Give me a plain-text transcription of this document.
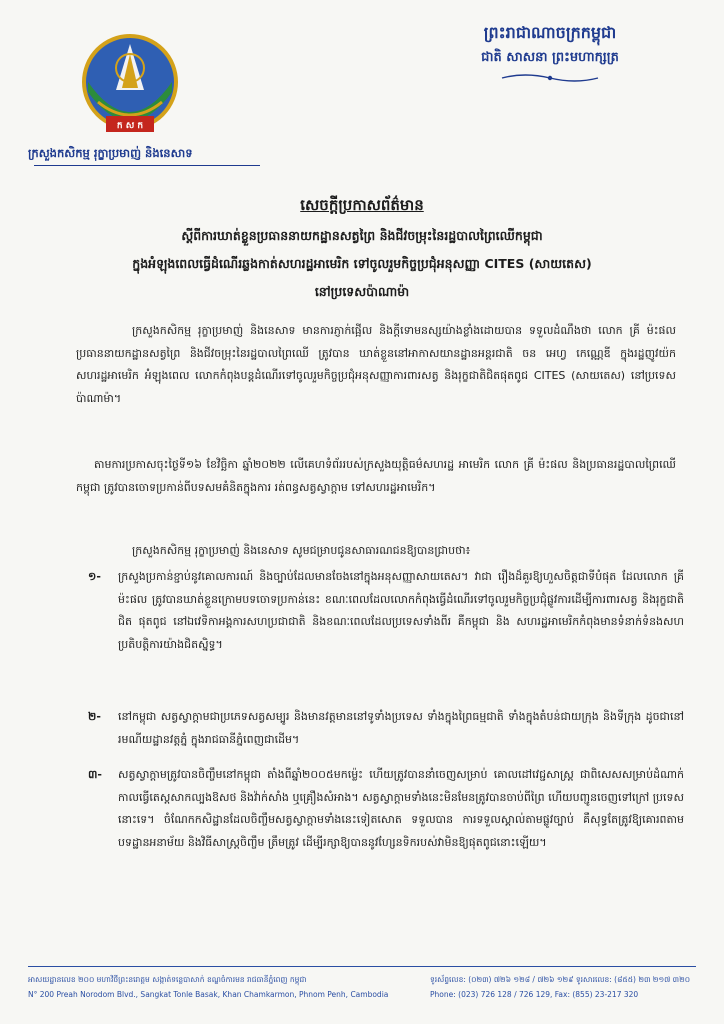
ក ស ក
ក្រសួងកសិកម្ម រុក្ខាប្រមាញ់ និងនេសាទ
ព្រះរាជាណាចក្រកម្ពុជា
ជាតិ សាសនា ព្រះមហាក្សត្រ
សេចក្តីប្រកាសព័ត៌មាន
ស្តីពីការឃាត់ខ្លួនប្រធាននាយកដ្ឋានសត្វព្រៃ និងជីវចម្រុះនៃរដ្ឋបាលព្រៃឈើកម្ពុជា
ក្នុងអំឡុងពេលធ្វើដំណើរឆ្លងកាត់សហរដ្ឋអាមេរិក ទៅចូលរួមកិច្ចប្រជុំអនុសញ្ញា CITES (សាយតេស)
នៅប្រទេសប៉ាណាម៉ា
ក្រសួងកសិកម្ម រុក្ខាប្រមាញ់ និងនេសាទ មានការភ្ញាក់ផ្អើល និងក្តីទោមនស្សយ៉ាងខ្លាំងដោយបាន ទទួលដំណឹងថា លោក គ្រី ម៉ះផល ប្រធាននាយកដ្ឋានសត្វព្រៃ និងជីវចម្រុះនៃរដ្ឋបាលព្រៃឈើ ត្រូវបាន ឃាត់ខ្លួននៅអាកាសយានដ្ឋានអន្តរជាតិ ចន អេហ្វ កេណ្ណេឌី ក្នុងរដ្ឋញូវយ៉ក សហរដ្ឋអាមេរិក អំឡុងពេល លោកកំពុងបន្តដំណើរទៅចូលរួមកិច្ចប្រជុំអនុសញ្ញាការពារសត្វ និងរុក្ខជាតិជិតផុតពូជ CITES (សាយតេស) នៅប្រទេសប៉ាណាម៉ា។
តាមការប្រកាសចុះថ្ងៃទី១៦ ខែវិច្ឆិកា ឆ្នាំ២០២២ លើគេហទំព័ររបស់ក្រសួងយុត្តិធម៌សហរដ្ឋ អាមេរិក លោក គ្រី ម៉ះផល និងប្រធានរដ្ឋបាលព្រៃឈើកម្ពុជា ត្រូវបានចោទប្រកាន់ពីបទសមគំនិតក្នុងការ រត់ពន្ធសត្វស្វាក្តាម ទៅសហរដ្ឋអាមេរិក។
ក្រសួងកសិកម្ម រុក្ខាប្រមាញ់ និងនេសាទ សូមជម្រាបជូនសាធារណជនឱ្យបានជ្រាបថា៖
១-	ក្រសួងប្រកាន់ខ្ជាប់នូវគោលការណ៍ និងច្បាប់ដែលមានចែងនៅក្នុងអនុសញ្ញាសាយតេស។ វាជា រឿងដ៏គួរឱ្យហួសចិត្តជាទីបំផុត ដែលលោក គ្រី ម៉ះផល ត្រូវបានឃាត់ខ្លួនក្រោមបទចោទប្រកាន់នេះ ខណៈពេលដែលលោកកំពុងធ្វើដំណើរទៅចូលរួមកិច្ចប្រជុំផ្លូវការដើម្បីការពារសត្វ និងរុក្ខជាតិជិត ផុតពូជ នៅឯវេទិកាអង្គការសហប្រជាជាតិ និងខណៈពេលដែលប្រទេសទាំងពីរ គឺកម្ពុជា និង សហរដ្ឋអាមេរិកកំពុងមានទំនាក់ទំនងសហប្រតិបត្តិការយ៉ាងជិតស្និទ្ធ។
២-	នៅកម្ពុជា សត្វស្វាក្តាមជាប្រភេទសត្វសម្បូរ និងមានវត្តមាននៅទូទាំងប្រទេស ទាំងក្នុងព្រៃធម្មជាតិ ទាំងក្នុងតំបន់ជាយក្រុង និងទីក្រុង ដូចជានៅរមណីយដ្ឋានវត្តភ្នំ ក្នុងរាជធានីភ្នំពេញជាដើម។
៣-	សត្វស្វាក្តាមត្រូវបានចិញ្ចឹមនៅកម្ពុជា តាំងពីឆ្នាំ២០០៥មកម្ល៉េះ ហើយត្រូវបាននាំចេញសម្រាប់ គោលដៅវេជ្ជសាស្ត្រ ជាពិសេសសម្រាប់ដំណាក់កាលធ្វើតេស្តសាកល្បងឱសថ និងវ៉ាក់សាំង ឬគ្រឿងសំអាង។ សត្វស្វាក្តាមទាំងនេះមិនមែនត្រូវបានចាប់ពីព្រៃ ហើយបញ្ជូនចេញទៅក្រៅ ប្រទេសនោះទេ។ ចំណែកកសិដ្ឋានដែលចិញ្ចឹមសត្វស្វាក្តាមទាំងនេះទៀតសោត ទទួលបាន ការទទួលស្គាល់តាមផ្លូវច្បាប់ គឺសុទ្ធតែត្រូវឱ្យគោរពតាមបទដ្ឋានអនាម័យ និងវិធីសាស្ត្រចិញ្ចឹម ត្រឹមត្រូវ ដើម្បីរក្សាឱ្យបាននូវហ្សែនទិករបស់វាមិនឱ្យផុតពូជនោះឡើយ។
អាសយដ្ឋានលេខ ២០០ មហាវិថីព្រះនរោត្តម សង្កាត់ទន្លេបាសាក់ ខណ្ឌចំការមន រាជធានីភ្នំពេញ កម្ពុជា
N° 200 Preah Norodom Blvd., Sangkat Tonle Basak, Khan Chamkarmon, Phnom Penh, Cambodia
ទូរស័ព្ទលេខ: (០២៣) ៧២៦ ១២៨ / ៧២៦ ១២៩ ទូរសារលេខ: (៨៥៥) ២៣ ២១៧ ៣២០
Phone: (023) 726 128 / 726 129, Fax: (855) 23-217 320
